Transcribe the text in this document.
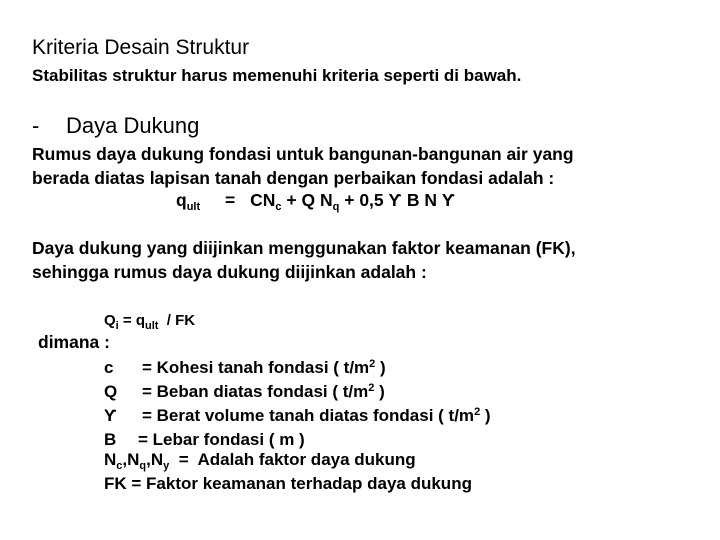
Kriteria Desain Struktur
Stabilitas struktur harus memenuhi kriteria seperti di bawah.
- Daya Dukung
Rumus daya dukung fondasi untuk bangunan-bangunan air yang
berada diatas lapisan tanah dengan perbaikan fondasi adalah :
$q_{ult} = CN_c + Q$ $N_q + 0,5$ Ƴ B N Ƴ
Daya dukung yang diijinkan menggunakan faktor keamanan (FK),
sehingga rumus daya dukung diijinkan adalah :
$Q_i = q_{ult}$ / FK
dimana :
c = Kohesi tanah fondasi ( $t/m^2$ )
Q = Beban diatas fondasi ( $t/m^2$ )
Ƴ = Berat volume tanah diatas fondasi ( $t/m^2$ )
B = Lebar fondasi ( m )
$N_c,N_q,N_y$  =  Adalah faktor daya dukung
FK = Faktor keamanan terhadap daya dukung
